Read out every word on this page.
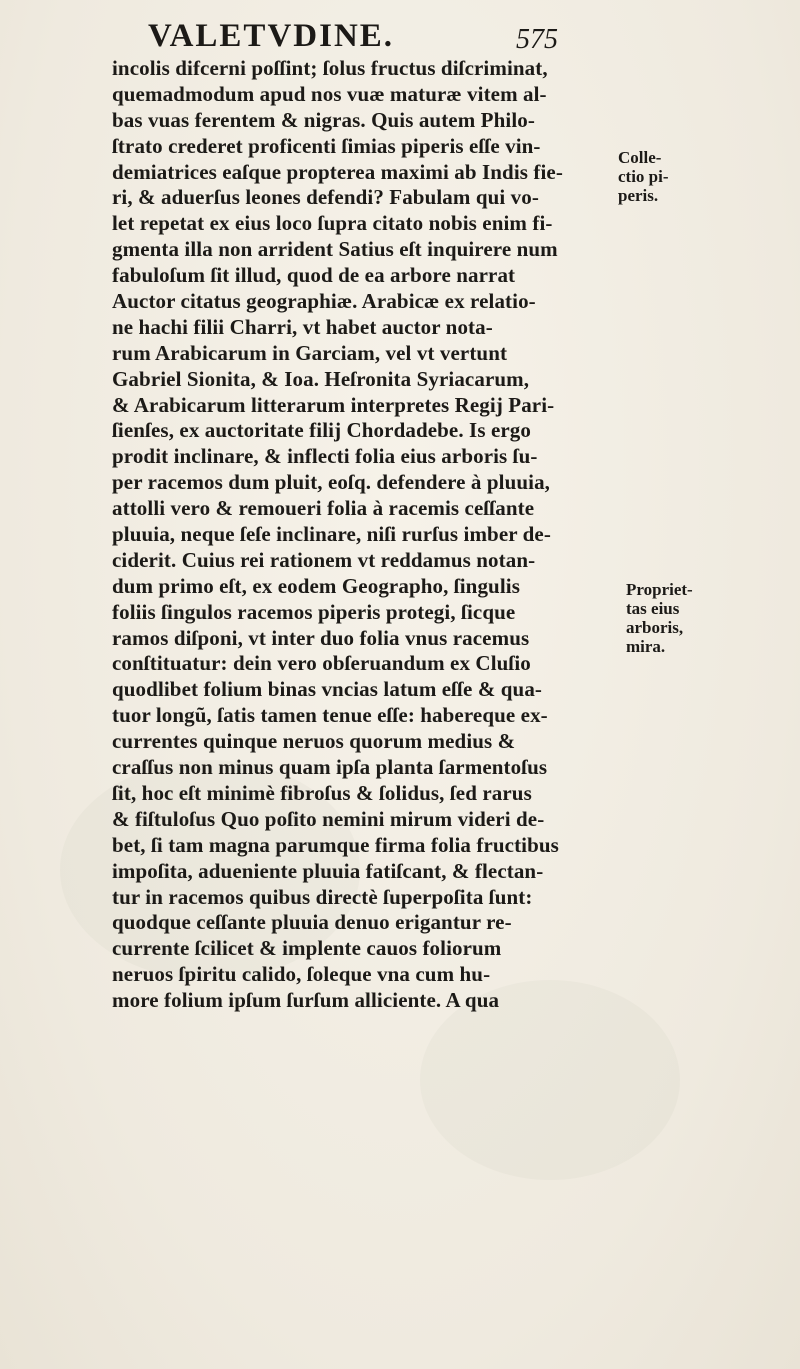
VALETVDINE.	575
incolis difcerni poſſint; ſolus fructus diſcriminat,
quemadmodum apud nos vuæ maturæ vitem al-
bas vuas ferentem & nigras. Quis autem Philo-
ſtrato crederet proficenti ſimias piperis eſſe vin-
demiatrices eaſque propterea maximi ab Indis fie-
ri, & aduerſus leones defendi? Fabulam qui vo-
let repetat ex eius loco ſupra citato nobis enim fi-
gmenta illa non arrident Satius eſt inquirere num
fabuloſum ſit illud, quod de ea arbore narrat
Auctor citatus geographiæ. Arabicæ ex relatio-
ne hachi filii Charri, vt habet auctor nota-
rum Arabicarum in Garciam, vel vt vertunt
Gabriel Sionita, & Ioa. Heſronita Syriacarum,
& Arabicarum litterarum interpretes Regij Pari-
ſienſes, ex auctoritate filij Chordadebe. Is ergo
prodit inclinare, & inflecti folia eius arboris ſu-
per racemos dum pluit, eoſq. defendere à pluuia,
attolli vero & remoueri folia à racemis ceſſante
pluuia, neque ſeſe inclinare, niſi rurſus imber de-
ciderit. Cuius rei rationem vt reddamus notan-
dum primo eſt, ex eodem Geographo, ſingulis
foliis ſingulos racemos piperis protegi, ſicque
ramos diſponi, vt inter duo folia vnus racemus
conſtituatur: dein vero obſeruandum ex Cluſio
quodlibet folium binas vncias latum eſſe & qua-
tuor longũ, ſatis tamen tenue eſſe: habereque ex-
currentes quinque neruos quorum medius &
craſſus non minus quam ipſa planta ſarmentoſus
ſit, hoc eſt minimè fibroſus & ſolidus, ſed rarus
& fiſtuloſus Quo poſito nemini mirum videri de-
bet, ſi tam magna parumque firma folia fructibus
impoſita, adueniente pluuia fatiſcant, & flectan-
tur in racemos quibus directè ſuperpoſita ſunt:
quodque ceſſante pluuia denuo erigantur re-
currente ſcilicet & implente cauos foliorum
neruos ſpiritu calido, ſoleque vna cum hu-
more folium ipſum ſurſum alliciente. A qua
Colle-
ctio pi-
peris.
Propriet-
tas eius
arboris,
mira.
